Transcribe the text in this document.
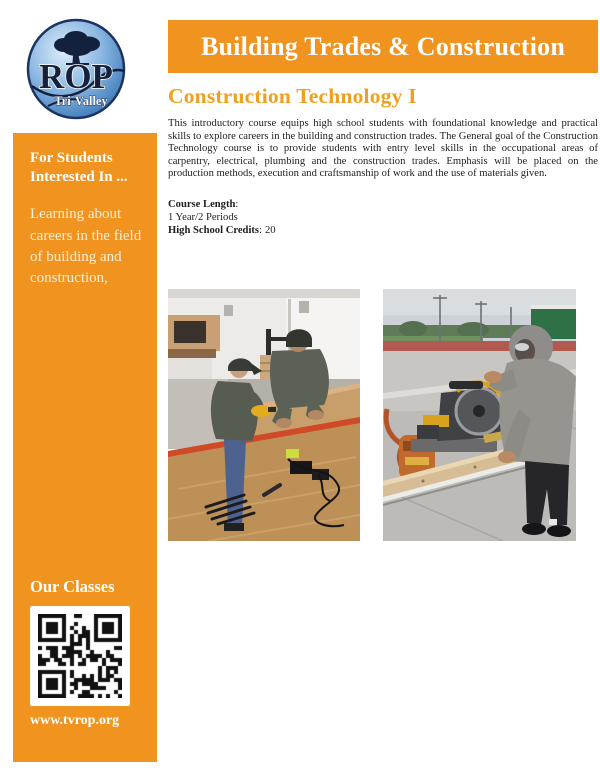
ROP
Tri-Valley
Building Trades & Construction

For Students Interested In ...

Learning about careers in the field of building and construction,

Our Classes
www.tvrop.org
Construction Technology I

This introductory course equips high school students with foundational knowledge and practical skills to explore careers in the building and construction trades. The General goal of the Construction Technology course is to provide students with entry level skills in the occupational areas of carpentry, electrical, plumbing and the construction trades. Emphasis will be placed on the production methods, execution and craftsmanship of work and the use of materials given.

Course Length:
1 Year/2 Periods
High School Credits: 20
